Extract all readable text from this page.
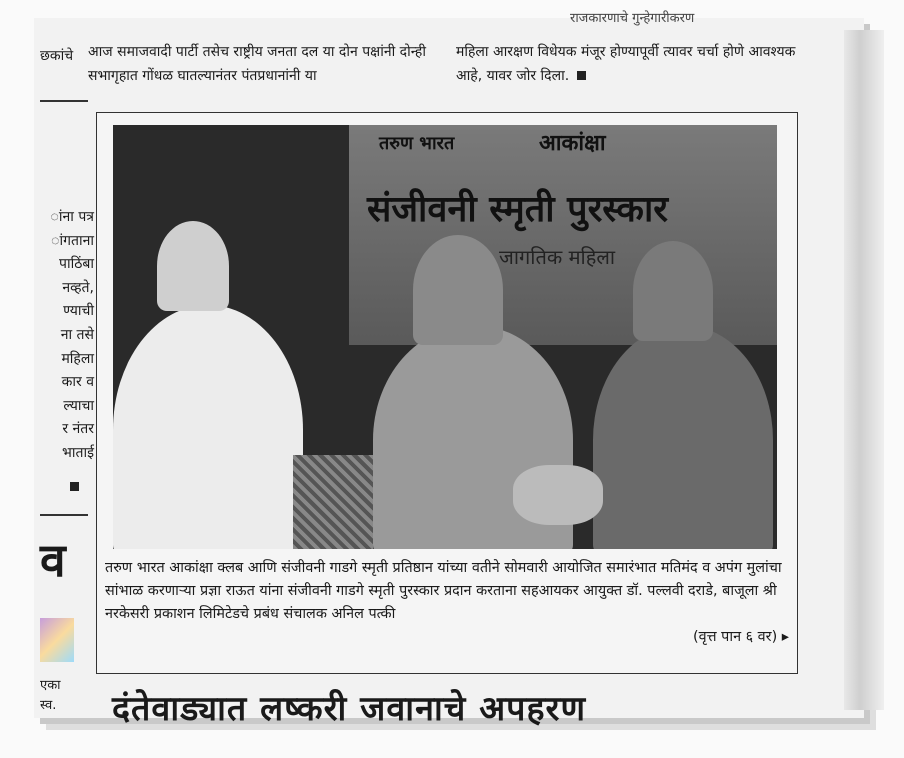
राजकारणाचे गुन्हेगारीकरण
छकांचे आज समाजवादी पार्टी तसेच राष्ट्रीय जनता दल या दोन पक्षांनी दोन्ही सभागृहात गोंधळ घातल्यानंतर पंतप्रधानांनी या
महिला आरक्षण विधेयक मंजूर होण्यापूर्वी त्यावर चर्चा होणे आवश्यक आहे, यावर जोर दिला.
ांना पत्र
ांगताना
पाठिंबा
नव्हते,
ण्याची
ना तसे
महिला
कार व
ल्याचा
र नंतर
भाताई
व
एका
स्व.
तरुण भारत	आकांक्षा
संजीवनी स्मृती पुरस्कार
जागतिक महिला
तरुण भारत आकांक्षा क्लब आणि संजीवनी गाडगे स्मृती प्रतिष्ठान यांच्या वतीने सोमवारी आयोजित समारंभात मतिमंद व अपंग मुलांचा सांभाळ करणाऱ्या प्रज्ञा राऊत यांना संजीवनी गाडगे स्मृती पुरस्कार प्रदान करताना सहआयकर आयुक्त डॉ. पल्लवी दराडे, बाजूला श्री नरकेसरी प्रकाशन लिमिटेडचे प्रबंध संचालक अनिल पत्की
(वृत्त पान ६ वर) ▸
दंतेवाड्यात लष्करी जवानाचे अपहरण
